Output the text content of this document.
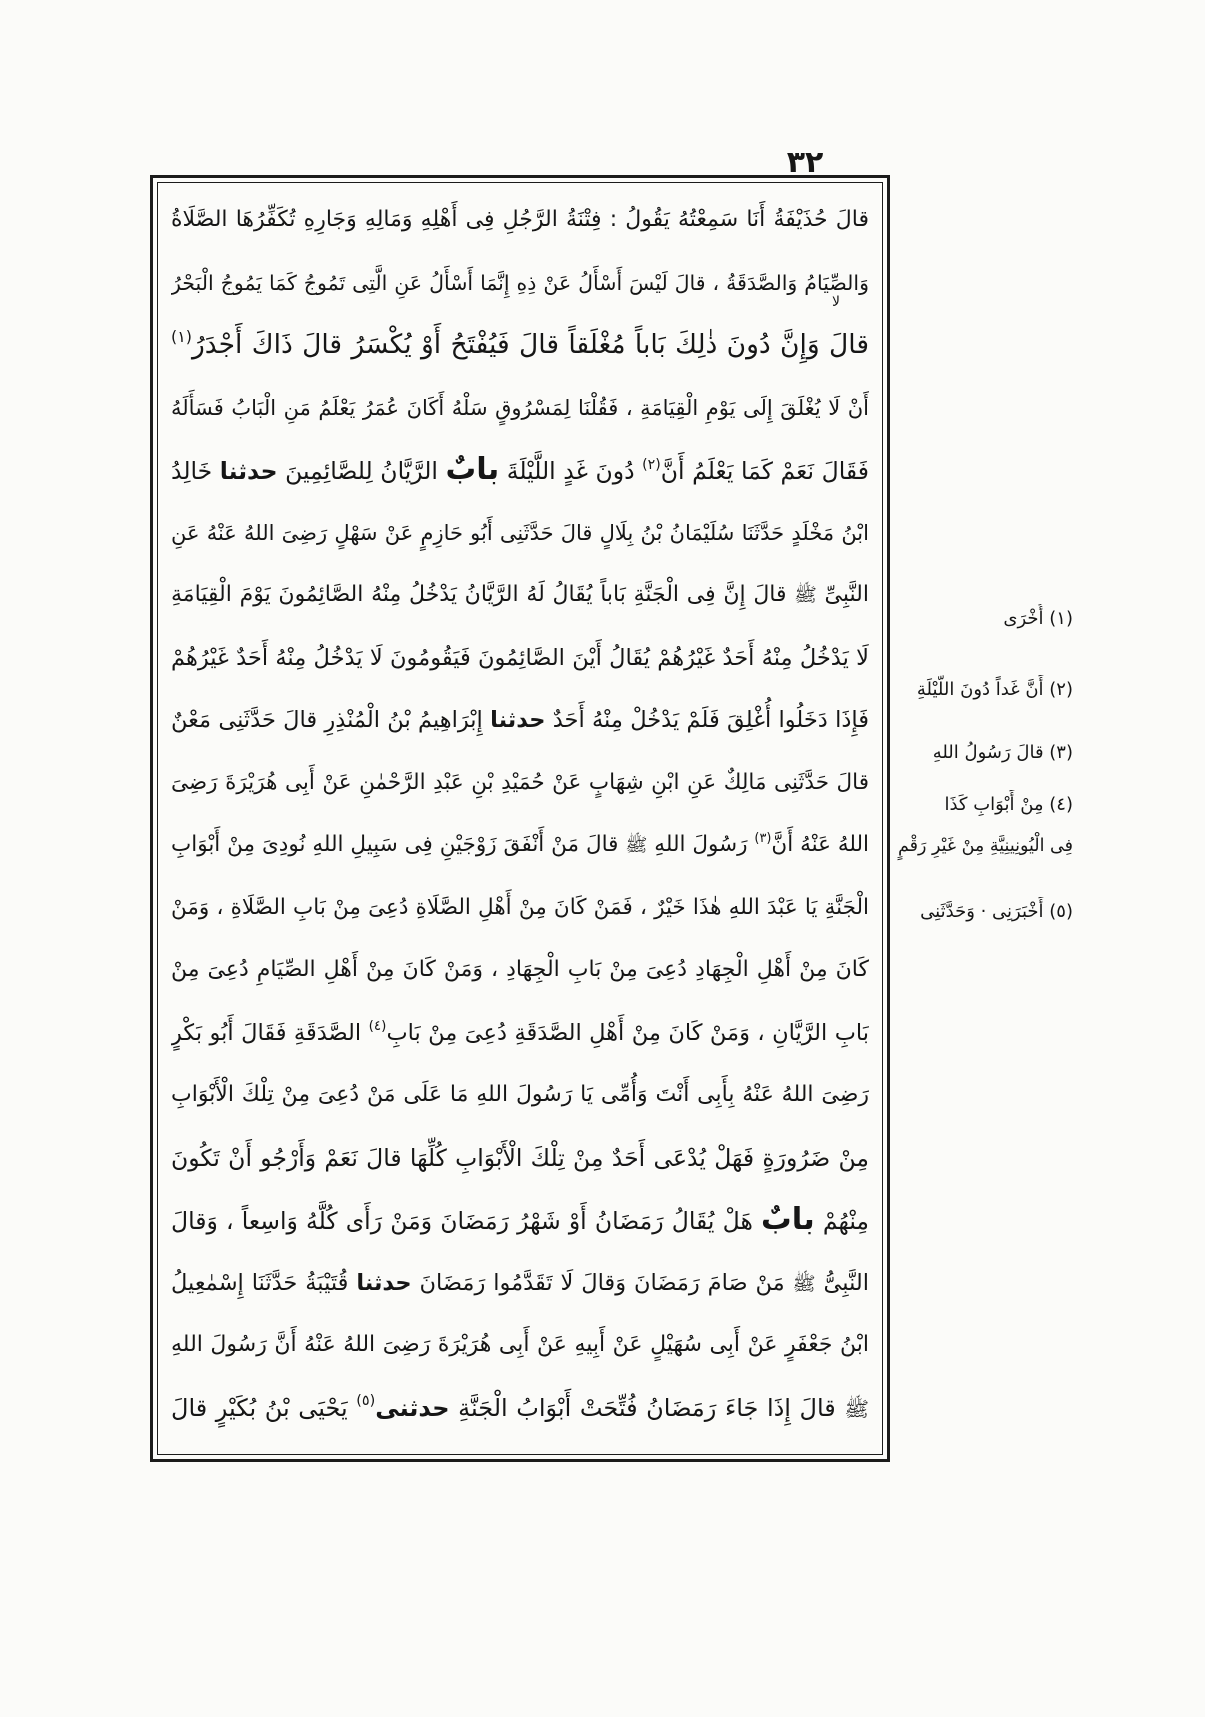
٣٢
قالَ حُذَيْفَةُ أَنَا سَمِعْتُهُ يَقُولُ : فِتْنَةُ الرَّجُلِ فِى أَهْلِهِ وَمَالِهِ وَجَارِهِ تُكَفِّرُهَا الصَّلَاةُ
وَالصِّيَامُ وَالصَّدَقَةُ ، قالَ لَيْسَ أَسْأَلُ عَنْ ذِهِ إِنَّمَا أَسْأَلُ عَنِ الَّتِى تَمُوجُ كَمَا يَمُوجُ الْبَحْرُ
قالَ وَإِنَّ دُونَ ذٰلِكَ بَاباً مُغْلَقاً قالَ فَيُفْتَحُ أَوْ يُكْسَرُ قالَ ذَاكَ أَجْدَرُ$^{(١)}$
أَنْ لَا يُغْلَقَ إِلَى يَوْمِ الْقِيَامَةِ ، فَقُلْنَا لِمَسْرُوقٍ سَلْهُ أَكَانَ عُمَرُ يَعْلَمُ مَنِ الْبَابُ فَسَأَلَهُ
فَقَالَ نَعَمْ كَمَا يَعْلَمُ أَنَّ$^{(٢)}$ دُونَ غَدٍ اللَّيْلَةَ بابٌ الرَّيَّانُ لِلصَّائِمِينَ حدثنا خَالِدُ
ابْنُ مَخْلَدٍ حَدَّثَنَا سُلَيْمَانُ بْنُ بِلَالٍ قالَ حَدَّثَنِى أَبُو حَازِمٍ عَنْ سَهْلٍ رَضِىَ اللهُ عَنْهُ عَنِ
النَّبِىِّ ﷺ قالَ إِنَّ فِى الْجَنَّةِ بَاباً يُقَالُ لَهُ الرَّيَّانُ يَدْخُلُ مِنْهُ الصَّائِمُونَ يَوْمَ الْقِيَامَةِ
لَا يَدْخُلُ مِنْهُ أَحَدٌ غَيْرُهُمْ يُقَالُ أَيْنَ الصَّائِمُونَ فَيَقُومُونَ لَا يَدْخُلُ مِنْهُ أَحَدٌ غَيْرُهُمْ
فَإِذَا دَخَلُوا أُغْلِقَ فَلَمْ يَدْخُلْ مِنْهُ أَحَدٌ حدثنا إِبْرَاهِيمُ بْنُ الْمُنْذِرِ قالَ حَدَّثَنِى مَعْنٌ
قالَ حَدَّثَنِى مَالِكٌ عَنِ ابْنِ شِهَابٍ عَنْ حُمَيْدِ بْنِ عَبْدِ الرَّحْمٰنِ عَنْ أَبِى هُرَيْرَةَ رَضِىَ
اللهُ عَنْهُ أَنَّ$^{(٣)}$ رَسُولَ اللهِ ﷺ قالَ مَنْ أَنْفَقَ زَوْجَيْنِ فِى سَبِيلِ اللهِ نُودِىَ مِنْ أَبْوَابِ
الْجَنَّةِ يَا عَبْدَ اللهِ هٰذَا خَيْرٌ ، فَمَنْ كَانَ مِنْ أَهْلِ الصَّلَاةِ دُعِىَ مِنْ بَابِ الصَّلَاةِ ، وَمَنْ
كَانَ مِنْ أَهْلِ الْجِهَادِ دُعِىَ مِنْ بَابِ الْجِهَادِ ، وَمَنْ كَانَ مِنْ أَهْلِ الصِّيَامِ دُعِىَ مِنْ
بَابِ الرَّيَّانِ ، وَمَنْ كَانَ مِنْ أَهْلِ الصَّدَقَةِ دُعِىَ مِنْ بَابِ$^{(٤)}$ الصَّدَقَةِ فَقَالَ أَبُو بَكْرٍ
رَضِىَ اللهُ عَنْهُ بِأَبِى أَنْتَ وَأُمِّى يَا رَسُولَ اللهِ مَا عَلَى مَنْ دُعِىَ مِنْ تِلْكَ الْأَبْوَابِ
مِنْ ضَرُورَةٍ فَهَلْ يُدْعَى أَحَدٌ مِنْ تِلْكَ الْأَبْوَابِ كُلِّهَا قالَ نَعَمْ وَأَرْجُو أَنْ تَكُونَ
مِنْهُمْ بابٌ هَلْ يُقَالُ رَمَضَانُ أَوْ شَهْرُ رَمَضَانَ وَمَنْ رَأَى كُلَّهُ وَاسِعاً ، وَقالَ
النَّبِىُّ ﷺ مَنْ صَامَ رَمَضَانَ وَقالَ لَا تَقَدَّمُوا رَمَضَانَ حدثنا قُتَيْبَةُ حَدَّثَنَا إِسْمٰعِيلُ
ابْنُ جَعْفَرٍ عَنْ أَبِى سُهَيْلٍ عَنْ أَبِيهِ عَنْ أَبِى هُرَيْرَةَ رَضِىَ اللهُ عَنْهُ أَنَّ رَسُولَ اللهِ
ﷺ قالَ إِذَا جَاءَ رَمَضَانُ فُتِّحَتْ أَبْوَابُ الْجَنَّةِ حدثنى$^{(٥)}$ يَحْيَى بْنُ بُكَيْرٍ قالَ
لا
(١) أُخْرَى
(٢) أَنَّ غَداً دُونَ اللَّيْلَةِ
(٣) قالَ رَسُولُ اللهِ
(٤) مِنْ أَبْوَابِ كَذَا
فِى الْيُونِينِيَّةِ مِنْ غَيْرِ رَقْمٍ
(٥) أَخْبَرَنِى · وَحَدَّثَنِى
